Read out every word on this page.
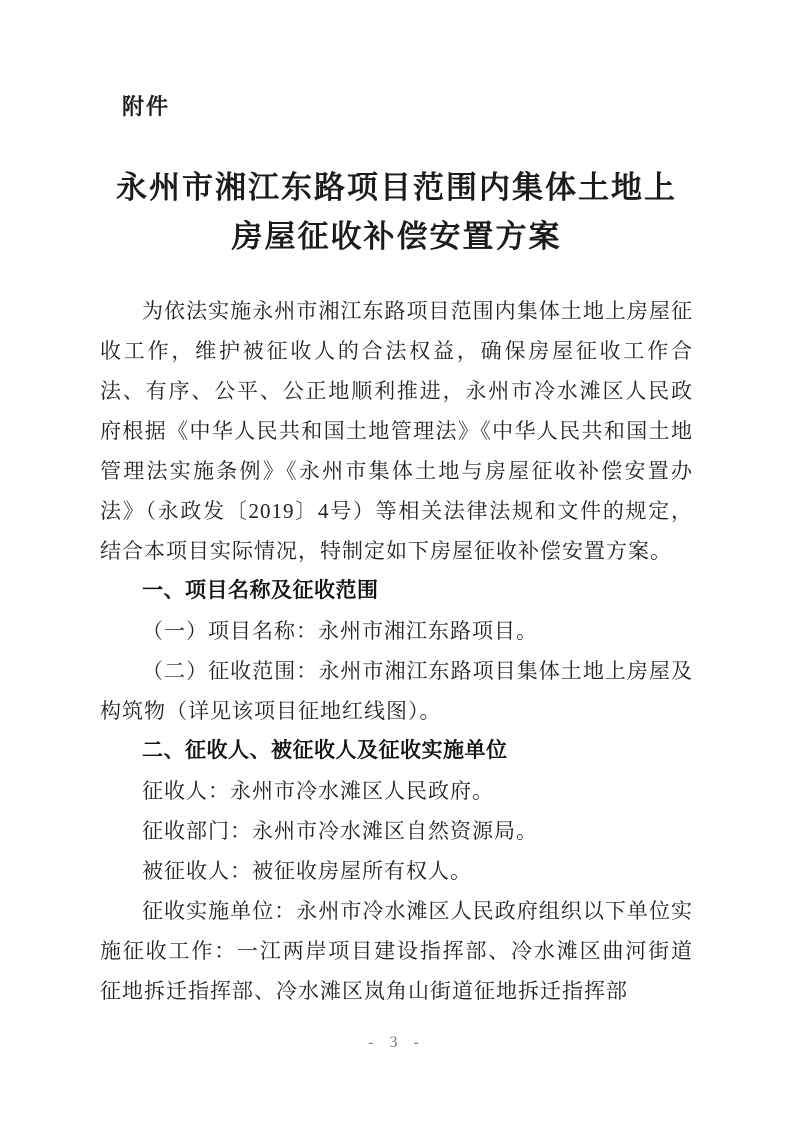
附件
永州市湘江东路项目范围内集体土地上
房屋征收补偿安置方案

为依法实施永州市湘江东路项目范围内集体土地上房屋征收工作，维护被征收人的合法权益，确保房屋征收工作合法、有序、公平、公正地顺利推进，永州市冷水滩区人民政府根据《中华人民共和国土地管理法》《中华人民共和国土地管理法实施条例》《永州市集体土地与房屋征收补偿安置办法》（永政发〔2019〕4号）等相关法律法规和文件的规定，结合本项目实际情况，特制定如下房屋征收补偿安置方案。

一、项目名称及征收范围

（一）项目名称：永州市湘江东路项目。

（二）征收范围：永州市湘江东路项目集体土地上房屋及构筑物（详见该项目征地红线图）。

二、征收人、被征收人及征收实施单位

征收人：永州市冷水滩区人民政府。

征收部门：永州市冷水滩区自然资源局。

被征收人：被征收房屋所有权人。

征收实施单位：永州市冷水滩区人民政府组织以下单位实施征收工作：一江两岸项目建设指挥部、冷水滩区曲河街道征地拆迁指挥部、冷水滩区岚角山街道征地拆迁指挥部

- 3 -
